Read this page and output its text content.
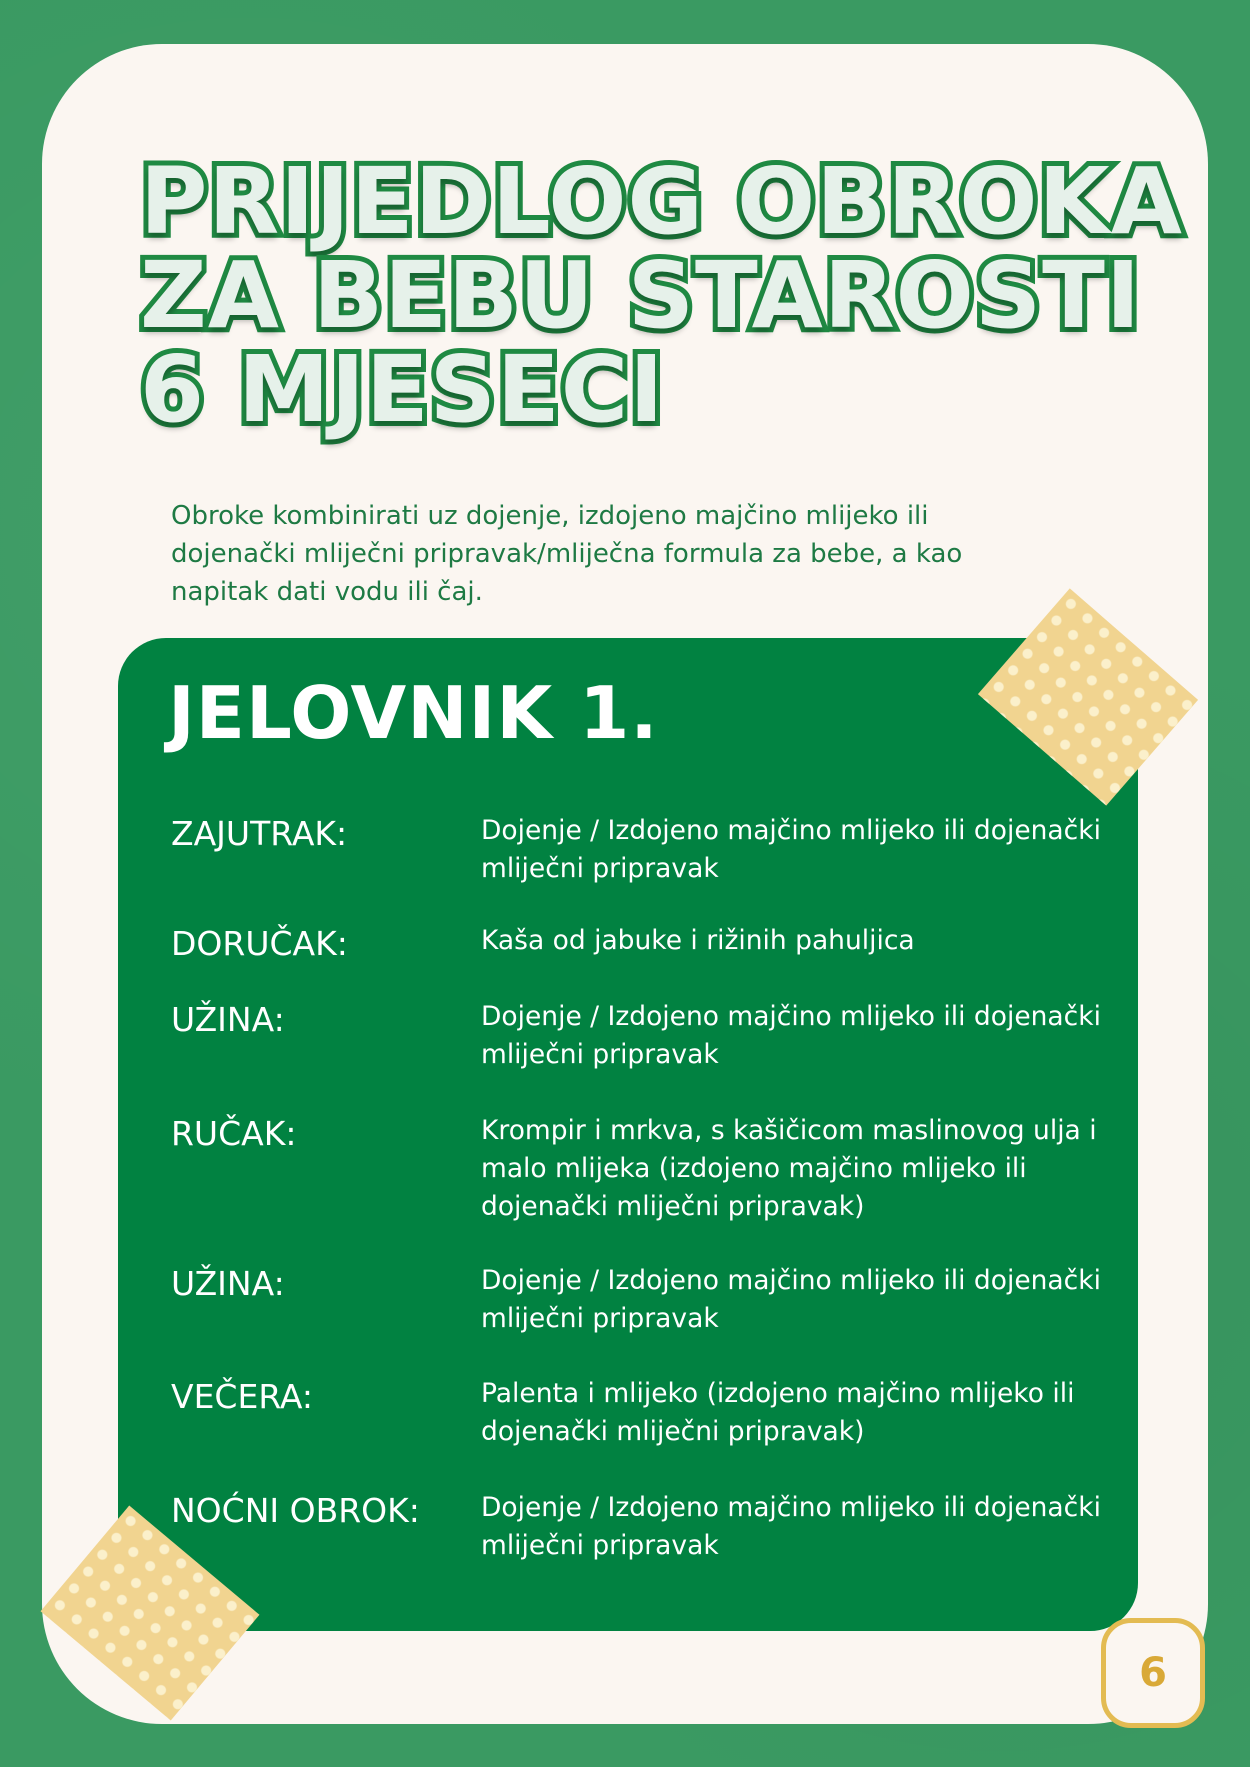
PRIJEDLOG OBROKA
ZA BEBU STAROSTI
6 MJESECI

Obroke kombinirati uz dojenje, izdojeno majčino mlijeko ili dojenački mliječni pripravak/mliječna formula za bebe, a kao napitak dati vodu ili čaj.

JELOVNIK 1.
ZAJUTRAK:	Dojenje / Izdojeno majčino mlijeko ili dojenački mliječni pripravak
DORUČAK:	Kaša od jabuke i rižinih pahuljica
UŽINA:	Dojenje / Izdojeno majčino mlijeko ili dojenački mliječni pripravak
RUČAK:	Krompir i mrkva, s kašičicom maslinovog ulja i malo mlijeka (izdojeno majčino mlijeko ili dojenački mliječni pripravak)
UŽINA:	Dojenje / Izdojeno majčino mlijeko ili dojenački mliječni pripravak
VEČERA:	Palenta i mlijeko (izdojeno majčino mlijeko ili dojenački mliječni pripravak)
NOĆNI OBROK:	Dojenje / Izdojeno majčino mlijeko ili dojenački mliječni pripravak
6
